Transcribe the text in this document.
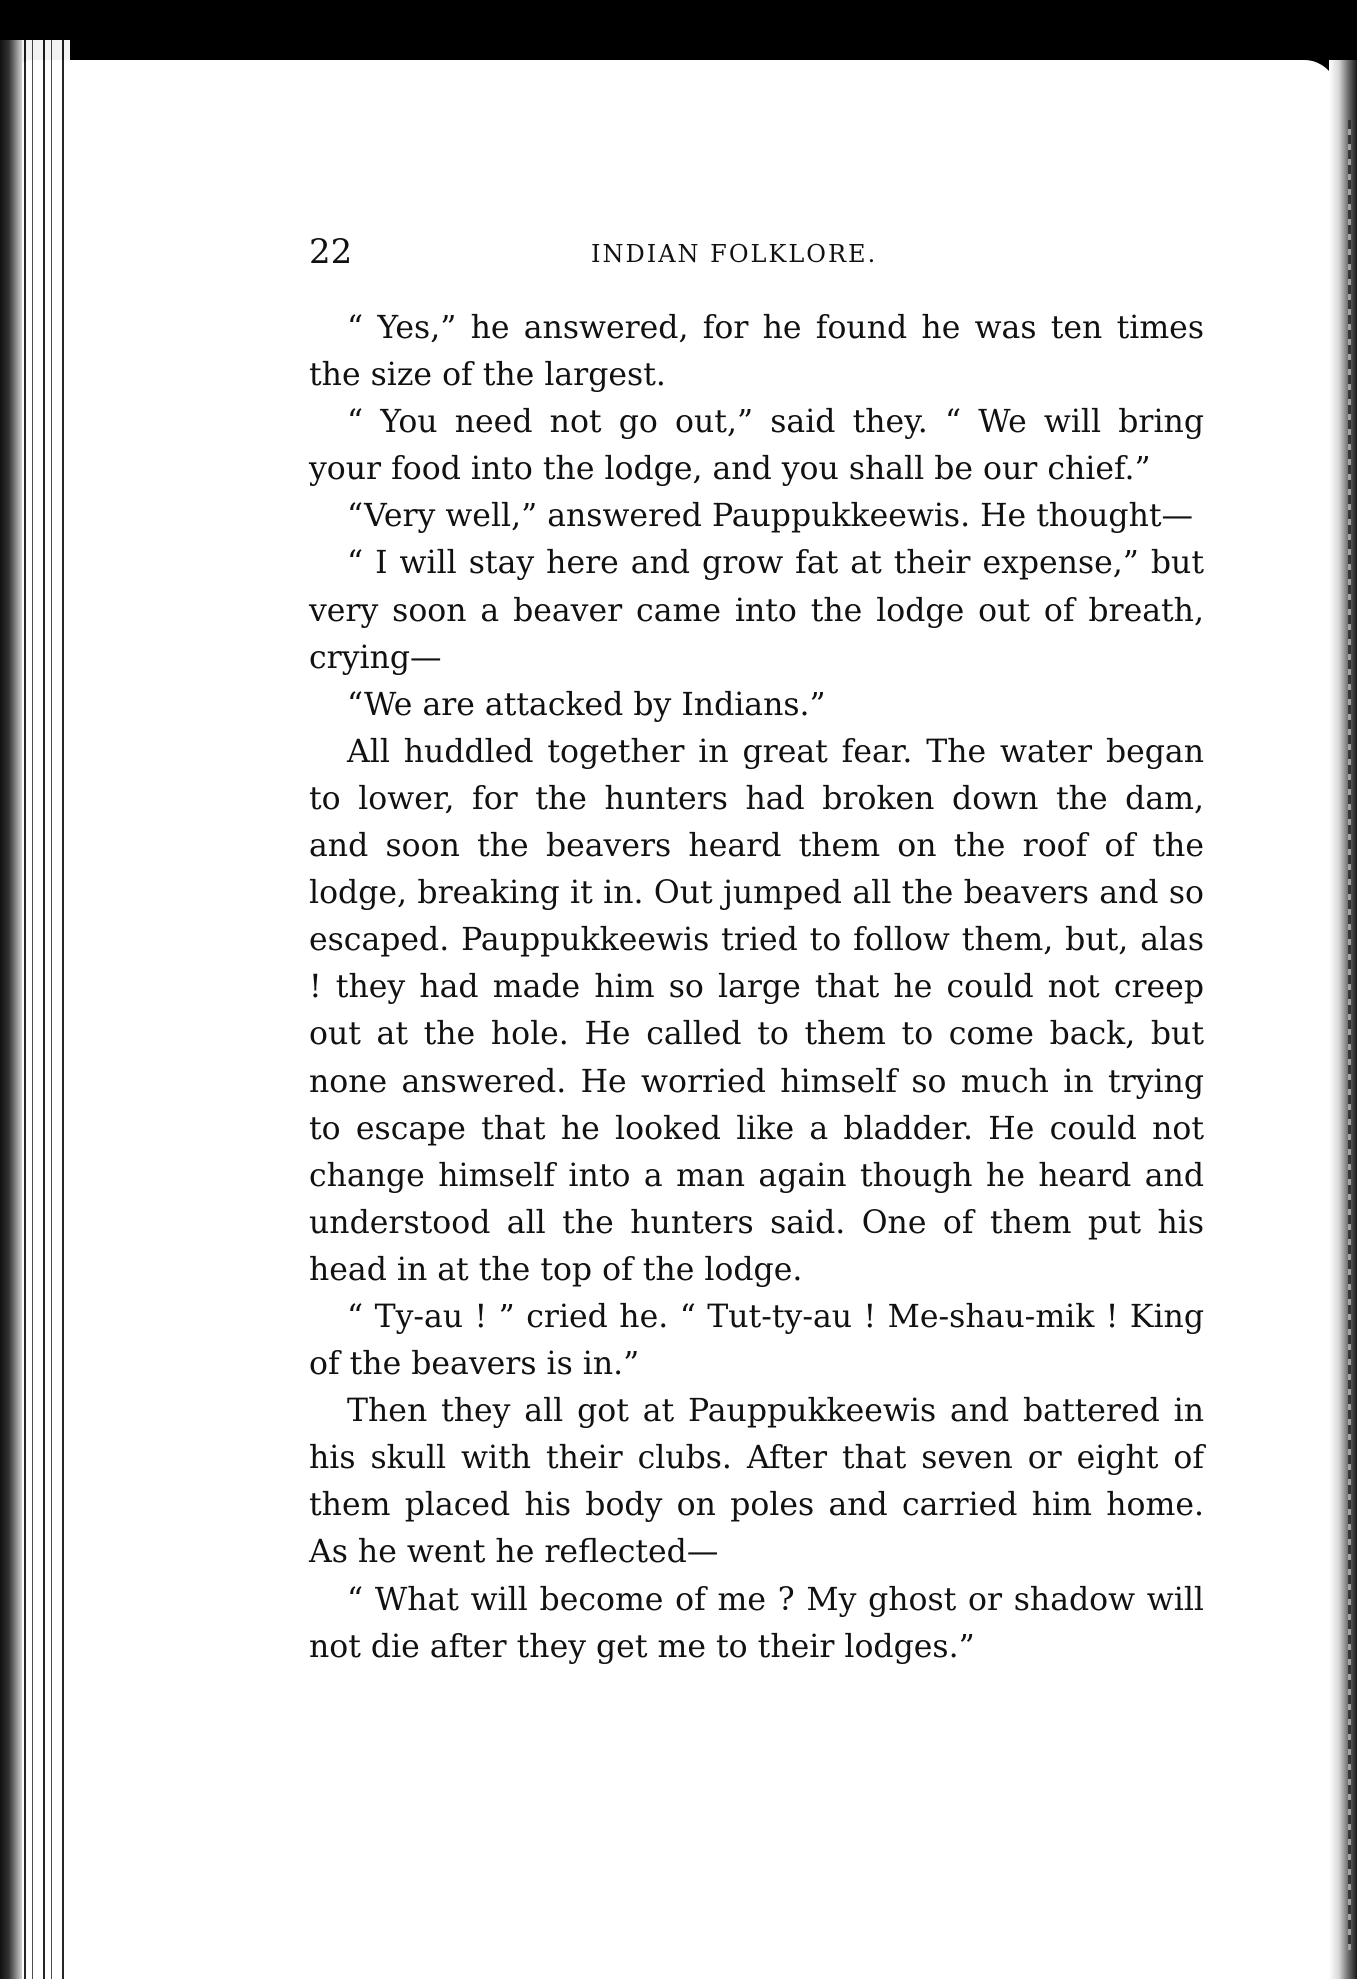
22	INDIAN FOLKLORE.

“ Yes,” he answered, for he found he was ten times the size of the largest.

“ You need not go out,” said they. “ We will bring your food into the lodge, and you shall be our chief.”

“Very well,” answered Pauppukkeewis. He thought—

“ I will stay here and grow fat at their expense,” but very soon a beaver came into the lodge out of breath, crying—

“We are attacked by Indians.”

All huddled together in great fear. The water began to lower, for the hunters had broken down the dam, and soon the beavers heard them on the roof of the lodge, breaking it in. Out jumped all the beavers and so escaped. Pauppukkeewis tried to follow them, but, alas ! they had made him so large that he could not creep out at the hole. He called to them to come back, but none answered. He worried himself so much in trying to escape that he looked like a bladder. He could not change himself into a man again though he heard and understood all the hunters said. One of them put his head in at the top of the lodge.

“ Ty-au ! ” cried he. “ Tut-ty-au ! Me-shau-mik ! King of the beavers is in.”

Then they all got at Pauppukkeewis and battered in his skull with their clubs. After that seven or eight of them placed his body on poles and carried him home. As he went he reflected—

“ What will become of me ? My ghost or shadow will not die after they get me to their lodges.”
